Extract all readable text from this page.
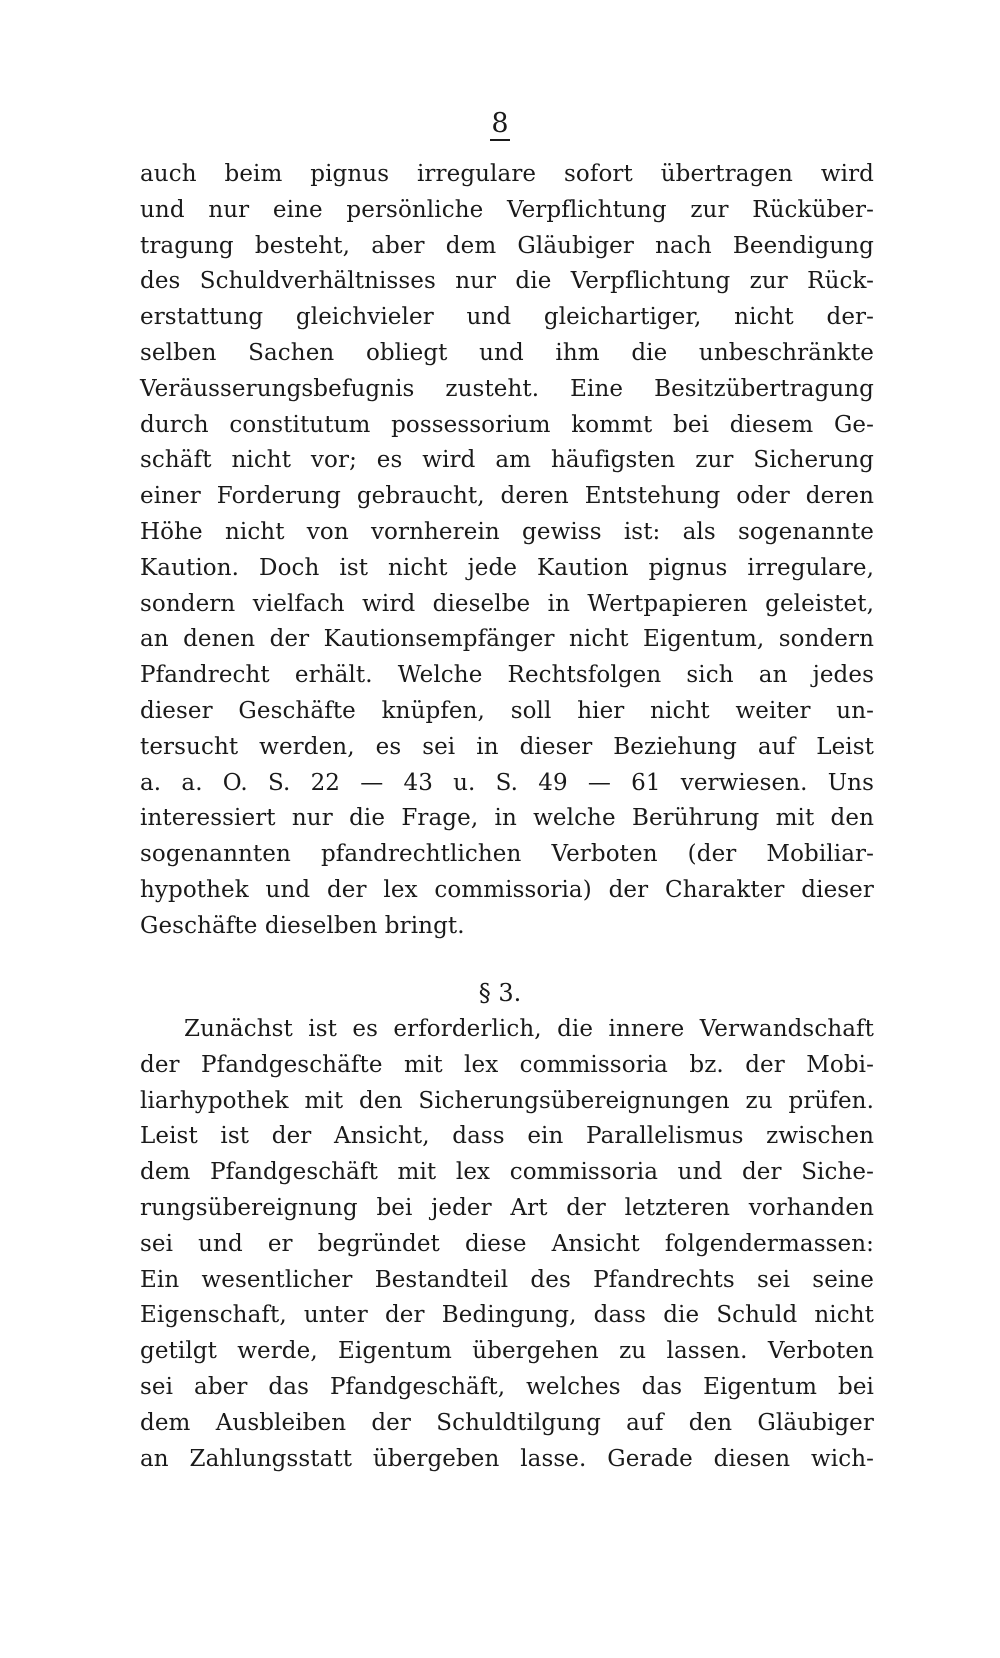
8
auch beim pignus irregulare sofort übertragen wird
und nur eine persönliche Verpflichtung zur Rücküber-
tragung besteht, aber dem Gläubiger nach Beendigung
des Schuldverhältnisses nur die Verpflichtung zur Rück-
erstattung gleichvieler und gleichartiger, nicht der-
selben Sachen obliegt und ihm die unbeschränkte
Veräusserungsbefugnis zusteht. Eine Besitzübertragung
durch constitutum possessorium kommt bei diesem Ge-
schäft nicht vor; es wird am häufigsten zur Sicherung
einer Forderung gebraucht, deren Entstehung oder deren
Höhe nicht von vornherein gewiss ist: als sogenannte
Kaution. Doch ist nicht jede Kaution pignus irregulare,
sondern vielfach wird dieselbe in Wertpapieren geleistet,
an denen der Kautionsempfänger nicht Eigentum, sondern
Pfandrecht erhält. Welche Rechtsfolgen sich an jedes
dieser Geschäfte knüpfen, soll hier nicht weiter un-
tersucht werden, es sei in dieser Beziehung auf Leist
a. a. O. S. 22 — 43 u. S. 49 — 61 verwiesen. Uns
interessiert nur die Frage, in welche Berührung mit den
sogenannten pfandrechtlichen Verboten (der Mobiliar-
hypothek und der lex commissoria) der Charakter dieser
Geschäfte dieselben bringt.
§ 3.
Zunächst ist es erforderlich, die innere Verwandschaft
der Pfandgeschäfte mit lex commissoria bz. der Mobi-
liarhypothek mit den Sicherungsübereignungen zu prüfen.
Leist ist der Ansicht, dass ein Parallelismus zwischen
dem Pfandgeschäft mit lex commissoria und der Siche-
rungsübereignung bei jeder Art der letzteren vorhanden
sei und er begründet diese Ansicht folgendermassen:
Ein wesentlicher Bestandteil des Pfandrechts sei seine
Eigenschaft, unter der Bedingung, dass die Schuld nicht
getilgt werde, Eigentum übergehen zu lassen. Verboten
sei aber das Pfandgeschäft, welches das Eigentum bei
dem Ausbleiben der Schuldtilgung auf den Gläubiger
an Zahlungsstatt übergeben lasse. Gerade diesen wich-
